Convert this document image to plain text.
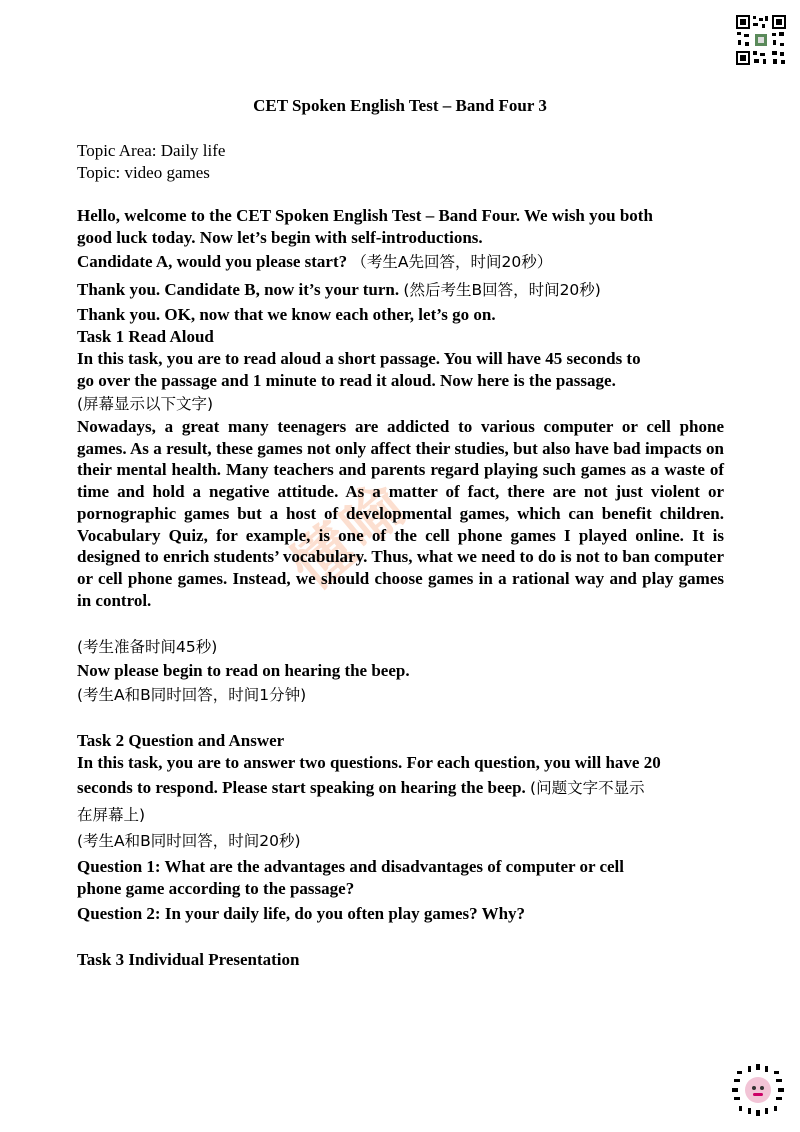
懂喻
CET Spoken English Test – Band Four 3
Topic Area: Daily life
Topic: video games
Hello, welcome to the CET Spoken English Test – Band Four. We wish you both
good luck today. Now let’s begin with self-introductions.
Candidate A, would you please start? （考生A先回答，时间20秒）
Thank you. Candidate B, now it’s your turn. (然后考生B回答，时间20秒)
Thank you. OK, now that we know each other, let’s go on.
Task 1 Read Aloud
In this task, you are to read aloud a short passage. You will have 45 seconds to
go over the passage and 1 minute to read it aloud. Now here is the passage.
(屏幕显示以下文字)
Nowadays, a great many teenagers are addicted to various computer or cell phone games. As a result, these games not only affect their studies, but also have bad impacts on their mental health. Many teachers and parents regard playing such games as a waste of time and hold a negative attitude. As a matter of fact, there are not just violent or pornographic games but a host of developmental games, which can benefit children. Vocabulary Quiz, for example, is one of the cell phone games I played online. It is designed to enrich students’ vocabulary. Thus, what we need to do is not to ban computer or cell phone games. Instead, we should choose games in a rational way and play games in control.
(考生准备时间45秒)
Now please begin to read on hearing the beep.
(考生A和B同时回答，时间1分钟)
Task 2 Question and Answer
In this task, you are to answer two questions. For each question, you will have 20
seconds to respond. Please start speaking on hearing the beep. (问题文字不显示
在屏幕上)
(考生A和B同时回答，时间20秒)
Question 1: What are the advantages and disadvantages of computer or cell
phone game according to the passage?
Question 2: In your daily life, do you often play games? Why?
Task 3 Individual Presentation
